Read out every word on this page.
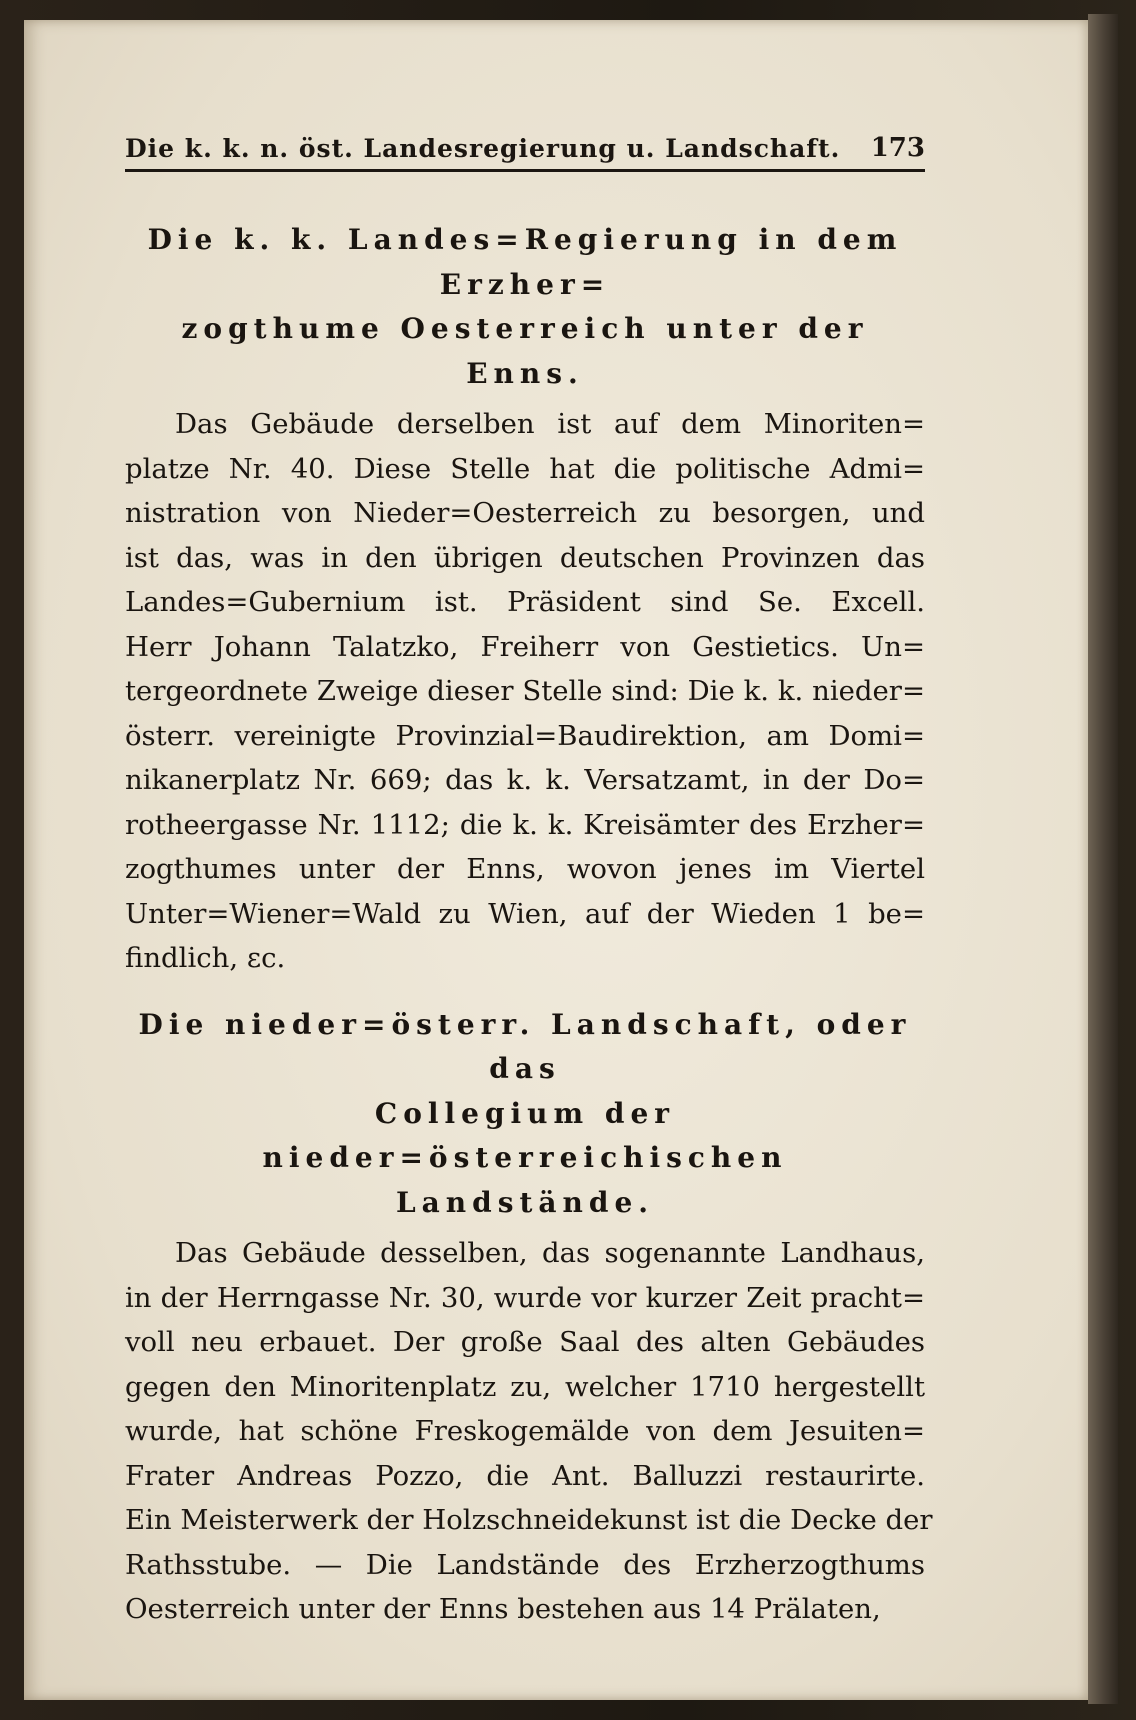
Die k. k. n. öst. Landesregierung u. Landschaft. 173
Die k. k. Landes=Regierung in dem Erzher=
zogthume Oesterreich unter der Enns.
Das Gebäude derselben ist auf dem Minoriten=
platze Nr. 40. Diese Stelle hat die politische Admi=
nistration von Nieder=Oesterreich zu besorgen, und
ist das, was in den übrigen deutschen Provinzen das
Landes=Gubernium ist. Präsident sind Se. Excell.
Herr Johann Talatzko, Freiherr von Gestietics. Un=
tergeordnete Zweige dieser Stelle sind: Die k. k. nieder=
österr. vereinigte Provinzial=Baudirektion, am Domi=
nikanerplatz Nr. 669; das k. k. Versatzamt, in der Do=
rotheergasse Nr. 1112; die k. k. Kreisämter des Erzher=
zogthumes unter der Enns, wovon jenes im Viertel
Unter=Wiener=Wald zu Wien, auf der Wieden 1 be=
findlich, ɛc.
Die nieder=österr. Landschaft, oder das
Collegium der nieder=österreichischen
Landstände.
Das Gebäude desselben, das sogenannte Landhaus,
in der Herrngasse Nr. 30, wurde vor kurzer Zeit pracht=
voll neu erbauet. Der große Saal des alten Gebäudes
gegen den Minoritenplatz zu, welcher 1710 hergestellt
wurde, hat schöne Freskogemälde von dem Jesuiten=
Frater Andreas Pozzo, die Ant. Balluzzi restaurirte.
Ein Meisterwerk der Holzschneidekunst ist die Decke der
Rathsstube. — Die Landstände des Erzherzogthums
Oesterreich unter der Enns bestehen aus 14 Prälaten,
